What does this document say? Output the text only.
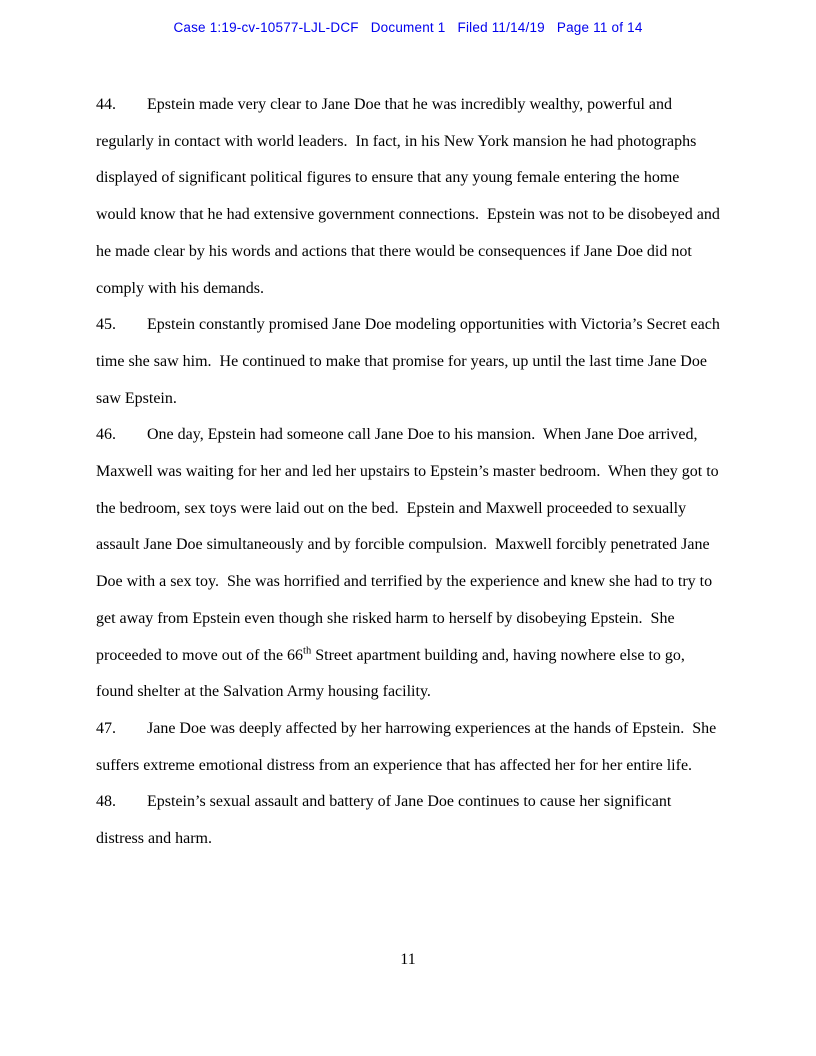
Case 1:19-cv-10577-LJL-DCF Document 1 Filed 11/14/19 Page 11 of 14

44. Epstein made very clear to Jane Doe that he was incredibly wealthy, powerful and regularly in contact with world leaders.  In fact, in his New York mansion he had photographs displayed of significant political figures to ensure that any young female entering the home would know that he had extensive government connections.  Epstein was not to be disobeyed and he made clear by his words and actions that there would be consequences if Jane Doe did not comply with his demands.

45. Epstein constantly promised Jane Doe modeling opportunities with Victoria’s Secret each time she saw him.  He continued to make that promise for years, up until the last time Jane Doe saw Epstein.

46. One day, Epstein had someone call Jane Doe to his mansion.  When Jane Doe arrived, Maxwell was waiting for her and led her upstairs to Epstein’s master bedroom.  When they got to the bedroom, sex toys were laid out on the bed.  Epstein and Maxwell proceeded to sexually assault Jane Doe simultaneously and by forcible compulsion.  Maxwell forcibly penetrated Jane Doe with a sex toy.  She was horrified and terrified by the experience and knew she had to try to get away from Epstein even though she risked harm to herself by disobeying Epstein.  She proceeded to move out of the 66th Street apartment building and, having nowhere else to go, found shelter at the Salvation Army housing facility.

47. Jane Doe was deeply affected by her harrowing experiences at the hands of Epstein.  She suffers extreme emotional distress from an experience that has affected her for her entire life.

48. Epstein’s sexual assault and battery of Jane Doe continues to cause her significant distress and harm.

11
